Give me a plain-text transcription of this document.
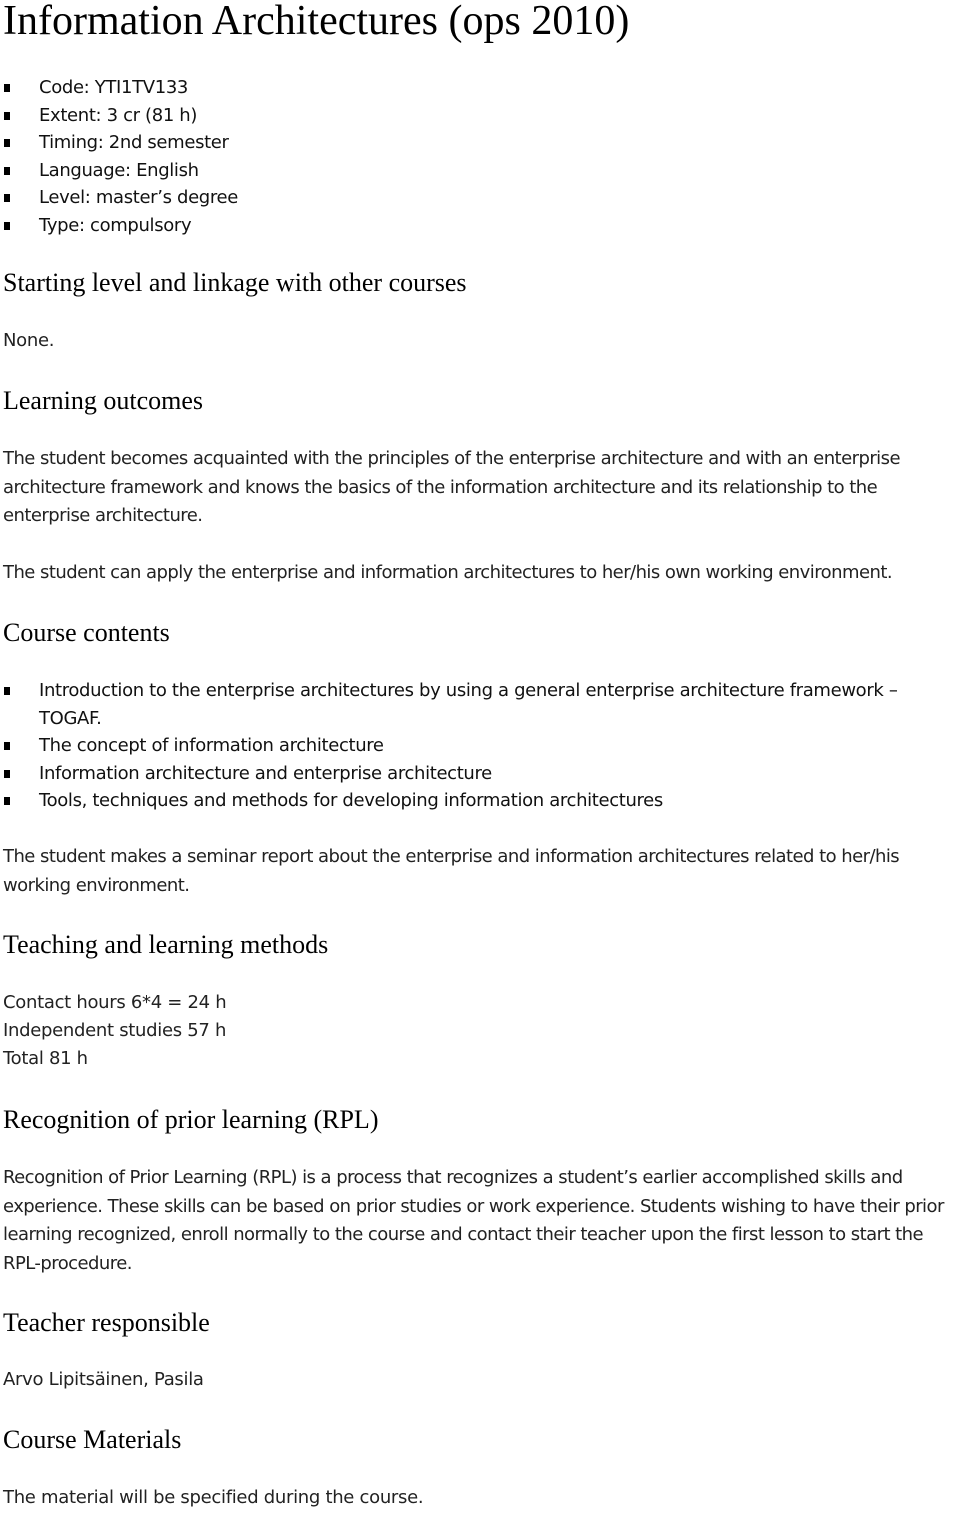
Information Architectures (ops 2010)
Code: YTI1TV133
Extent: 3 cr (81 h)
Timing: 2nd semester
Language: English
Level: master’s degree
Type: compulsory
Starting level and linkage with other courses

None.

Learning outcomes

The student becomes acquainted with the principles of the enterprise architecture and with an enterprise architecture framework and knows the basics of the information architecture and its relationship to the enterprise architecture.

The student can apply the enterprise and information architectures to her/his own working environment.

Course contents
Introduction to the enterprise architectures by using a general enterprise architecture framework – TOGAF.
The concept of information architecture
Information architecture and enterprise architecture
Tools, techniques and methods for developing information architectures

The student makes a seminar report about the enterprise and information architectures related to her/his working environment.

Teaching and learning methods

Contact hours 6*4 = 24 h

Independent studies 57 h

Total 81 h

Recognition of prior learning (RPL)

Recognition of Prior Learning (RPL) is a process that recognizes a student’s earlier accomplished skills and experience. These skills can be based on prior studies or work experience. Students wishing to have their prior learning recognized, enroll normally to the course and contact their teacher upon the first lesson to start the RPL-procedure.

Teacher responsible

Arvo Lipitsäinen, Pasila

Course Materials

The material will be specified during the course.
